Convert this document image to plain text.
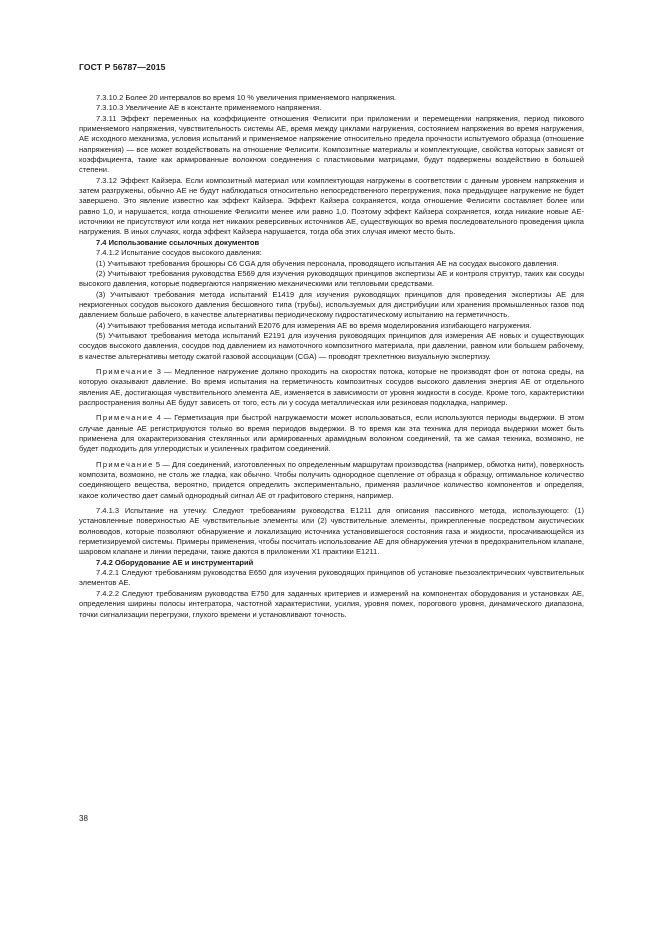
ГОСТ Р 56787—2015

7.3.10.2 Более 20 интервалов во время 10 % увеличения применяемого напряжения.

7.3.10.3 Увеличение АЕ в константе применяемого напряжения.

7.3.11 Эффект переменных на коэффициенте отношения Фелисити при приложении и перемещении напряжения, период пикового применяемого напряжения, чувствительность системы АЕ, время между циклами нагружения, состоянием напряжения во время нагружения, АЕ исходного механизма, условия испытаний и применяемое напряжение относительно предела прочности испытуемого образца (отношение напряжения) — все может воздействовать на отношение Фелисити. Композитные материалы и комплектующие, свойства которых зависят от коэффициента, такие как армированные волокном соединения с пластиковыми матрицами, будут подвержены воздействию в большей степени.

7.3.12 Эффект Кайзера. Если композитный материал или комплектующая нагружены в соответствии с данным уровнем напряжения и затем разгружены, обычно АЕ не будут наблюдаться относительно непосредственного перегружения, пока предыдущее нагружение не будет завершено. Это явление известно как эффект Кайзера. Эффект Кайзера сохраняется, когда отношение Фелисити составляет более или равно 1,0, и нарушается, когда отношение Фелисити менее или равно 1,0. Поэтому эффект Кайзера сохраняется, когда никакие новые АЕ-источники не присутствуют или когда нет никаких реверсивных источников АЕ, существующих во время последовательного проведения цикла нагружения. В иных случаях, когда эффект Кайзера нарушается, тогда оба этих случая имеют место быть.

7.4 Использование ссылочных документов

7.4.1.2 Испытание сосудов высокого давления:

(1) Учитывают требования брошюры С6 CGA для обучения персонала, проводящего испытания АЕ на сосудах высокого давления.

(2) Учитывают требования руководства Е569 для изучения руководящих принципов экспертизы АЕ и контроля структур, таких как сосуды высокого давления, которые подвергаются напряжению механическими или тепловыми средствами.

(3) Учитывают требования метода испытаний Е1419 для изучения руководящих принципов для проведения экспертизы АЕ для некриогенных сосудов высокого давления бесшовного типа (трубы), используемых для дистрибуции или хранения промышленных газов под давлением больше рабочего, в качестве альтернативы периодическому гидростатическому испытанию на герметичность.

(4) Учитывают требования метода испытаний Е2076 для измерения АЕ во время моделирования изгибающего нагружения.

(5) Учитывают требования метода испытаний Е2191 для изучения руководящих принципов для измерения АЕ новых и существующих сосудов высокого давления, сосудов под давлением из намоточного композитного материала, при давлении, равном или большем рабочему, в качестве альтернативы методу сжатой газовой ассоциации (CGA) — проводят трехлетнюю визуальную экспертизу.

Примечание 3 — Медленное нагружение должно проходить на скоростях потока, которые не производят фон от потока среды, на которую оказывают давление. Во время испытания на герметичность композитных сосудов высокого давления энергия АЕ от отдельного явления АЕ, достигающая чувствительного элемента АЕ, изменяется в зависимости от уровня жидкости в сосуде. Кроме того, характеристики распространения волны АЕ будут зависеть от того, есть ли у сосуда металлическая или резиновая подкладка, например.

Примечание 4 — Герметизация при быстрой нагружаемости может использоваться, если используются периоды выдержки. В этом случае данные АЕ регистрируются только во время периодов выдержки. В то время как эта техника для периода выдержки может быть применена для охарактеризования стеклянных или армированных арамидным волокном соединений, та же самая техника, возможно, не будет подходить для углеродистых и усиленных графитом соединений.

Примечание 5 — Для соединений, изготовленных по определенным маршрутам производства (например, обмотка нити), поверхность композита, возможно, не столь же гладка, как обычно. Чтобы получить однородное сцепление от образца к образцу, оптимальное количество соединяющего вещества, вероятно, придется определить экспериментально, применяя различное количество компонентов и определяя, какое количество дает самый однородный сигнал АЕ от графитового стержня, например.

7.4.1.3 Испытание на утечку. Следуют требованиям руководства Е1211 для описания пассивного метода, использующего: (1) установленные поверхностью АЕ чувствительные элементы или (2) чувствительные элементы, прикрепленные посредством акустических волноводов, которые позволяют обнаружение и локализацию источника установившегося состояния газа и жидкости, просачивающейся из герметизируемой системы. Примеры применения, чтобы посчитать использование АЕ для обнаружения утечки в предохранительном клапане, шаровом клапане и линии передачи, также даются в приложении Х1 практики Е1211.

7.4.2 Оборудование АЕ и инструментарий

7.4.2.1 Следуют требованиям руководства Е650 для изучения руководящих принципов об установке пьезоэлектрических чувствительных элементов АЕ.

7.4.2.2 Следуют требованиям руководства Е750 для заданных критериев и измерений на компонентах оборудования и установках АЕ, определения ширины полосы интегратора, частотной характеристики, усилия, уровня помех, порогового уровня, динамического диапазона, точки сигнализации перегрузки, глухого времени и установливают точность.

38
